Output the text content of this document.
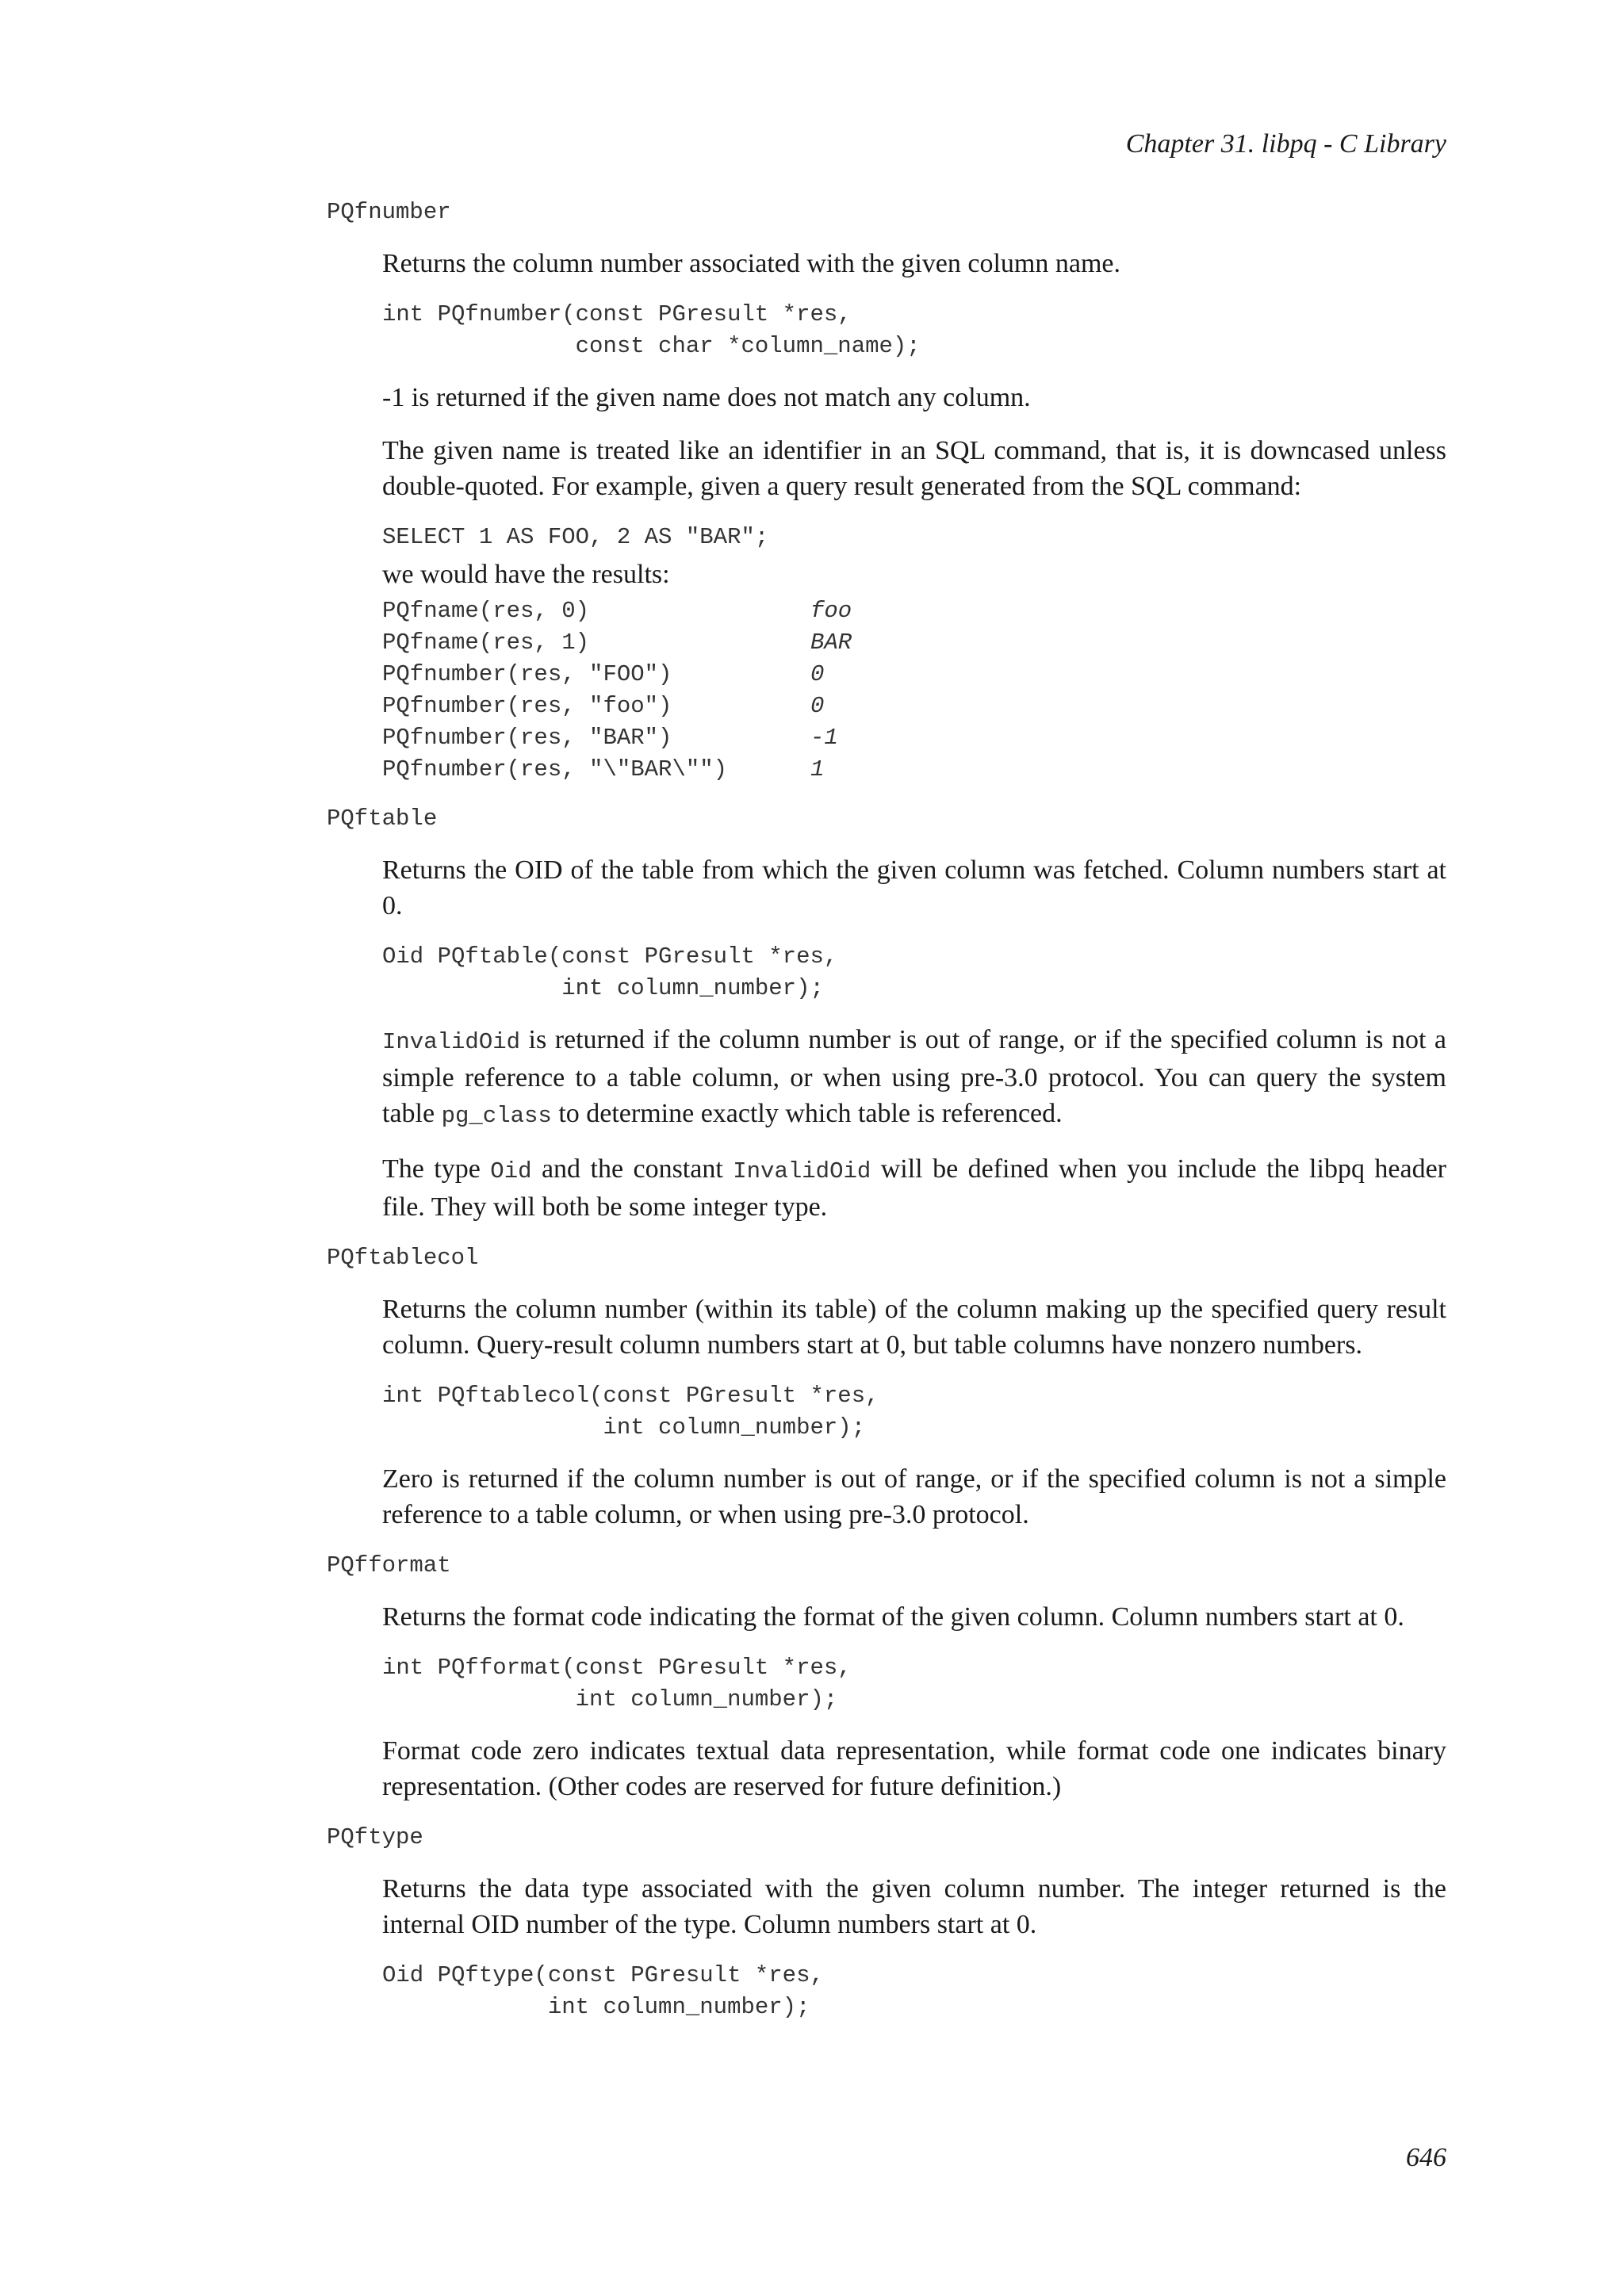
Chapter 31. libpq - C Library
PQfnumber

Returns the column number associated with the given column name.

int PQfnumber(const PGresult *res,
const char *column_name);

-1 is returned if the given name does not match any column.

The given name is treated like an identifier in an SQL command, that is, it is downcased unless double-quoted. For example, given a query result generated from the SQL command:

SELECT 1 AS FOO, 2 AS "BAR";

we would have the results:

PQfname(res, 0)	foo
PQfname(res, 1)	BAR
PQfnumber(res, "FOO")	0
PQfnumber(res, "foo")	0
PQfnumber(res, "BAR")	-1
PQfnumber(res, "\"BAR\"")	1
PQftable

Returns the OID of the table from which the given column was fetched. Column numbers start at 0.

Oid PQftable(const PGresult *res,
int column_number);

InvalidOid is returned if the column number is out of range, or if the specified column is not a simple reference to a table column, or when using pre-3.0 protocol. You can query the system table pg_class to determine exactly which table is referenced.

The type Oid and the constant InvalidOid will be defined when you include the libpq header file. They will both be some integer type.

PQftablecol

Returns the column number (within its table) of the column making up the specified query result column. Query-result column numbers start at 0, but table columns have nonzero numbers.

int PQftablecol(const PGresult *res,
int column_number);

Zero is returned if the column number is out of range, or if the specified column is not a simple reference to a table column, or when using pre-3.0 protocol.

PQfformat

Returns the format code indicating the format of the given column. Column numbers start at 0.

int PQfformat(const PGresult *res,
int column_number);

Format code zero indicates textual data representation, while format code one indicates binary representation. (Other codes are reserved for future definition.)

PQftype

Returns the data type associated with the given column number. The integer returned is the internal OID number of the type. Column numbers start at 0.

Oid PQftype(const PGresult *res,
int column_number);
646
